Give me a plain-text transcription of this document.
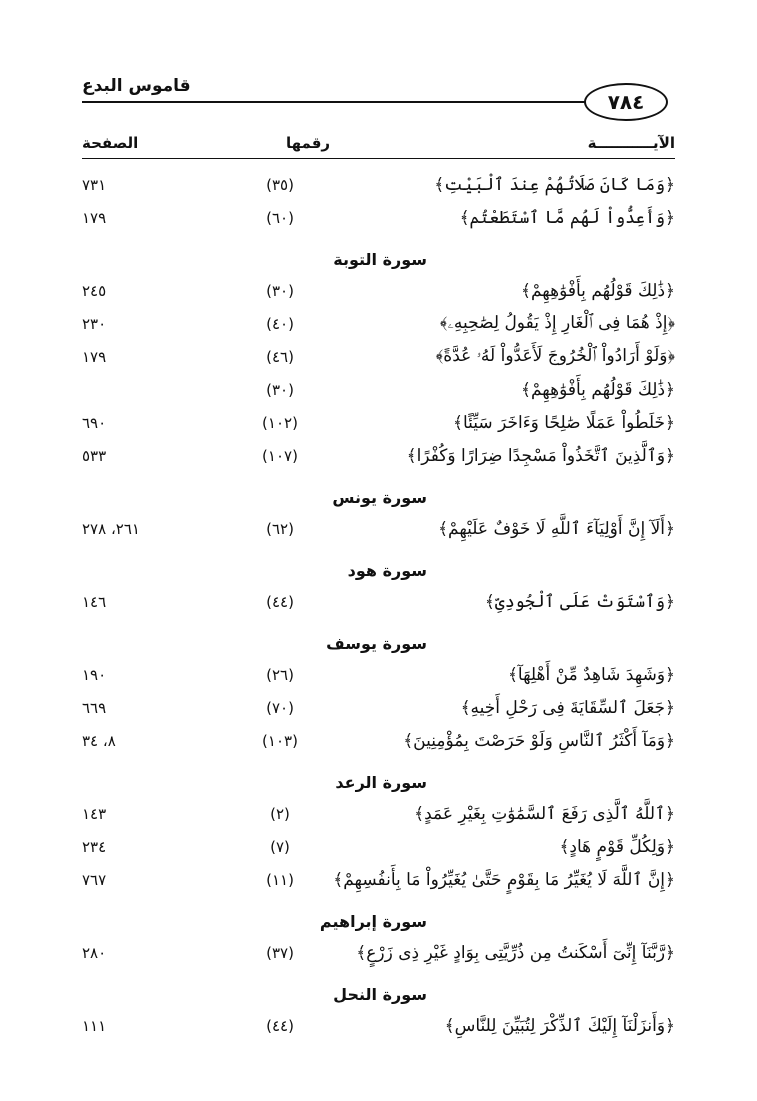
قاموس البدع
٧٨٤
الصفحة	رقمها	الآيـــــــــــة
﴿وَمَا كَانَ صَلَاتُهُمْ عِندَ ٱلْبَيْتِ﴾
(٣٥)
٧٣١
﴿وَأَعِدُّواْ لَهُم مَّا ٱسْتَطَعْتُم﴾
(٦٠)
١٧٩
سورة التوبة
﴿ذَٰلِكَ قَوْلُهُم بِأَفْوَٰهِهِمْ﴾
(٣٠)
٢٤٥
﴿إِذْ هُمَا فِى ٱلْغَارِ إِذْ يَقُولُ لِصَٰحِبِهِۦ﴾
(٤٠)
٢٣٠
﴿وَلَوْ أَرَادُواْ ٱلْخُرُوجَ لَأَعَدُّواْ لَهُۥ عُدَّةً﴾
(٤٦)
١٧٩
﴿ذَٰلِكَ قَوْلُهُم بِأَفْوَٰهِهِمْ﴾
(٣٠)
﴿خَلَطُواْ عَمَلًا صَٰلِحًا وَءَاخَرَ سَيِّئًا﴾
(١٠٢)
٦٩٠
﴿وَٱلَّذِينَ ٱتَّخَذُواْ مَسْجِدًا ضِرَارًا وَكُفْرًا﴾
(١٠٧)
٥٣٣
سورة يونس
﴿أَلَآ إِنَّ أَوْلِيَآءَ ٱللَّهِ لَا خَوْفٌ عَلَيْهِمْ﴾
(٦٢)
٢٦١، ٢٧٨
سورة هود
﴿وَٱسْتَوَتْ عَلَى ٱلْجُودِىِّ﴾
(٤٤)
١٤٦
سورة يوسف
﴿وَشَهِدَ شَاهِدٌ مِّنْ أَهْلِهَآ﴾
(٢٦)
١٩٠
﴿جَعَلَ ٱلسِّقَايَةَ فِى رَحْلِ أَخِيهِ﴾
(٧٠)
٦٦٩
﴿وَمَآ أَكْثَرُ ٱلنَّاسِ وَلَوْ حَرَصْتَ بِمُؤْمِنِينَ﴾
(١٠٣)
٨، ٣٤
سورة الرعد
﴿ٱللَّهُ ٱلَّذِى رَفَعَ ٱلسَّمَٰوَٰتِ بِغَيْرِ عَمَدٍ﴾
(٢)
١٤٣
﴿وَلِكُلِّ قَوْمٍ هَادٍ﴾
(٧)
٢٣٤
﴿إِنَّ ٱللَّهَ لَا يُغَيِّرُ مَا بِقَوْمٍ حَتَّىٰ يُغَيِّرُواْ مَا بِأَنفُسِهِمْ﴾
(١١)
٧٦٧
سورة إبراهيم
﴿رَّبَّنَآ إِنِّىٓ أَسْكَنتُ مِن ذُرِّيَّتِى بِوَادٍ غَيْرِ ذِى زَرْعٍ﴾
(٣٧)
٢٨٠
سورة النحل
﴿وَأَنزَلْنَآ إِلَيْكَ ٱلذِّكْرَ لِتُبَيِّنَ لِلنَّاسِ﴾
(٤٤)
١١١
